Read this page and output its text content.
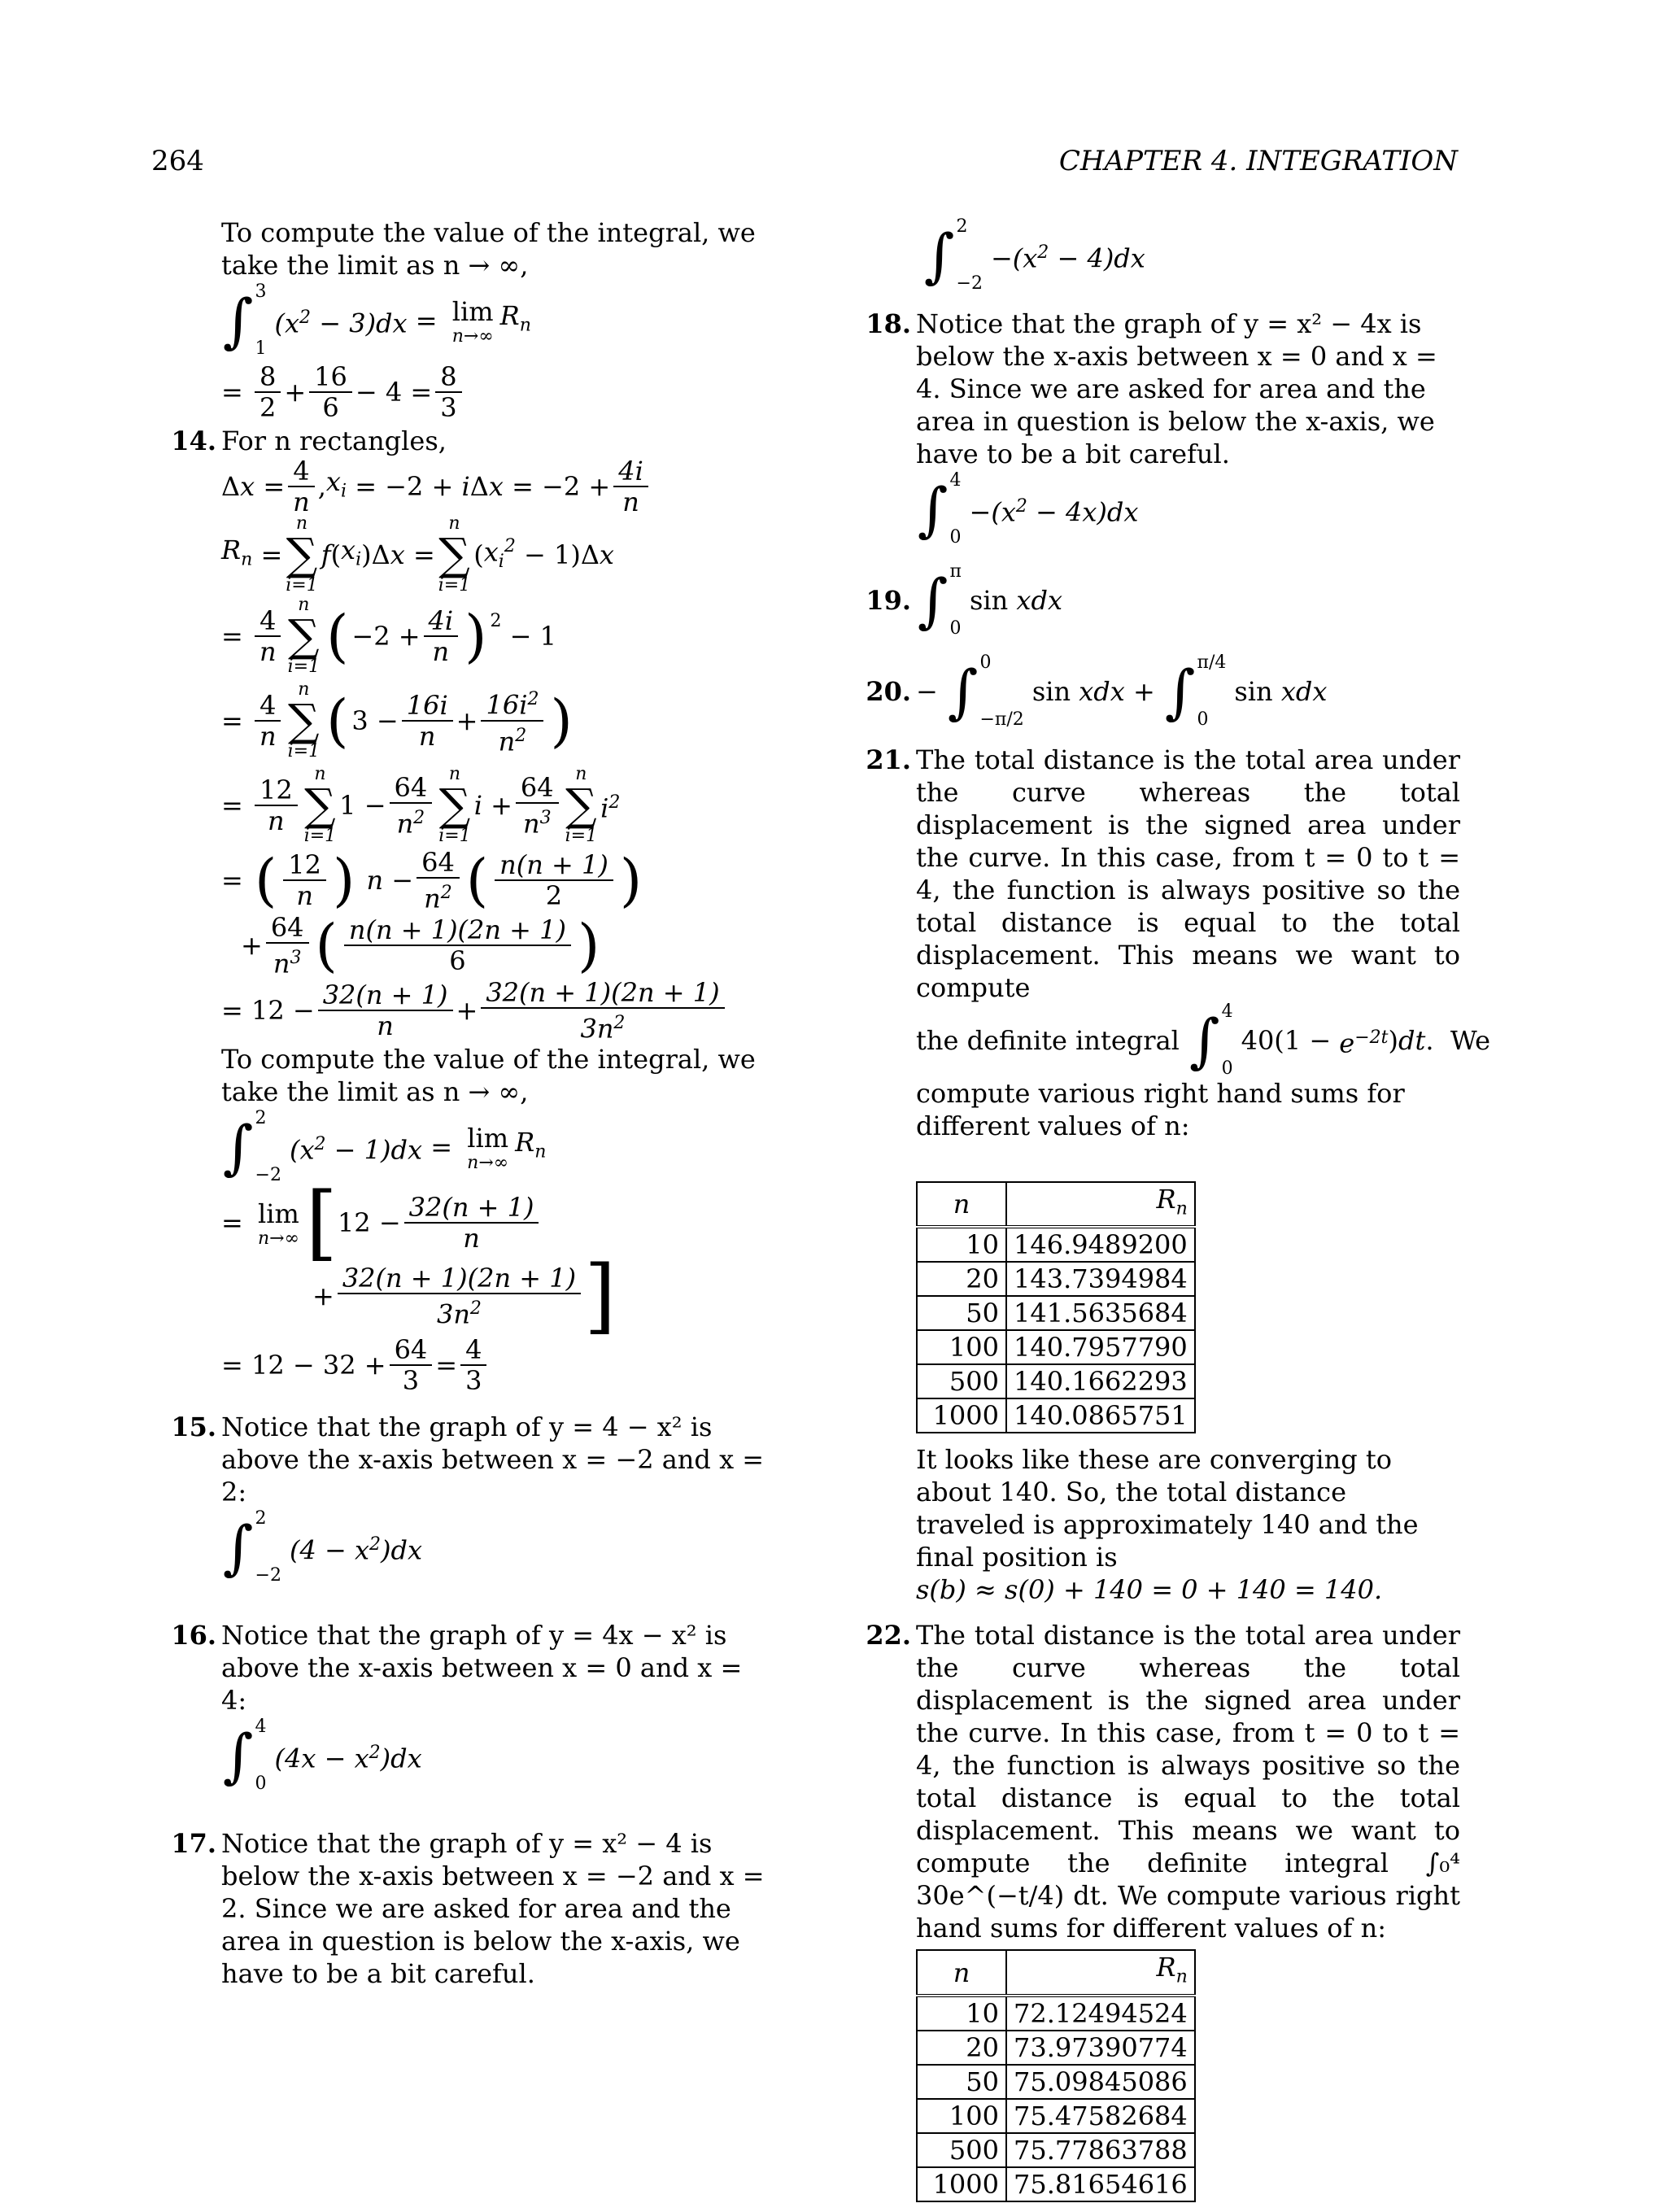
264	CHAPTER 4. INTEGRATION

To compute the value of the integral, we take the limit as n → ∞,

∫ 3
1
$(x^2 - 3)dx = \lim$
n→∞
$R_n$
= $\frac{8}{2} + \frac{16}{6} - 4 = \frac{8}{3}$
14. For n rectangles,

Δ $x = \frac{4}{n}$ , $x_i = -2 + i$ Δ $x = -2 + \frac{4i}{n}$
$R_n$ =
n
∑
i=1
f ( $x_i$ )Δ x =
n
∑
i=1
( $x_i^2 - 1)\Delta$ x
= $\frac{4}{n}$
n
∑
i=1 ( $-2 + \frac{4i}{n} )^2 - 1$
= $\frac{4}{n}$
n
∑
i=1 ( $3 - \frac{16i}{n} + \frac{16i^2}{n^2}$ )
= $\frac{12}{n}$
n
∑
i=1
$1 - \frac{64}{n^2}$ n
∑
i=1
$i + \frac{64}{n^3}$ n
∑
i=1
$i^2$
= ( $\frac{12}{n}$ )
$n - \frac{64}{n^2}$ ( $\frac{n(n + 1)}{2}$ )
+ $\frac{64}{n^3}$ ( $\frac{n(n + 1)(2n + 1)}{6}$ )
= $12 - \frac{32(n + 1)}{n} + \frac{32(n + 1)(2n + 1)}{3n^2}$

To compute the value of the integral, we take the limit as n → ∞,

∫ 2
−2
$(x^2 - 1)dx = \lim$
n→∞
$R_n$
= lim
n→∞ [ $12 - \frac{32(n + 1)}{n}$
+ $\frac{32(n + 1)(2n + 1)}{3n^2}$ ]
= $12 - 32 + \frac{64}{3} = \frac{4}{3}$
15. Notice that the graph of y = 4 − x² is above the x-axis between x = −2 and x = 2:

∫ 2
−2
$(4 - x^2)dx$
16. Notice that the graph of y = 4x − x² is above the x-axis between x = 0 and x = 4:

∫ 4
0
$(4x - x^2)dx$
17. Notice that the graph of y = x² − 4 is below the x-axis between x = −2 and x = 2. Since we are asked for area and the area in question is below the x-axis, we have to be a bit careful.

∫ 2
−2
$-(x^2 - 4)dx$
18. Notice that the graph of y = x² − 4x is below the x-axis between x = 0 and x = 4. Since we are asked for area and the area in question is below the x-axis, we have to be a bit careful.

∫ 4
0
$-(x^2 - 4x)dx$
19. ∫ π
0
sin xdx
20. − ∫ 0
−π/2
sin xdx + ∫ π/4
0
sin xdx
21. The total distance is the total area under the curve whereas the total displacement is the signed area under the curve. In this case, from t = 0 to t = 4, the function is always positive so the total distance is equal to the total displacement. This means we want to compute

the definite integral
∫ 4
0
$40(1 - e^{-2t}$ ) dt . We

compute various right hand sums for different values of n:

n	$R_n$
10	146.9489200
20	143.7394984
50	141.5635684
100	140.7957790
500	140.1662293
1000	140.0865751

It looks like these are converging to about 140. So, the total distance traveled is approximately 140 and the final position is

s(b) ≈ s(0) + 140 = 0 + 140 = 140.

22. The total distance is the total area under the curve whereas the total displacement is the signed area under the curve. In this case, from t = 0 to t = 4, the function is always positive so the total distance is equal to the total displacement. This means we want to compute the definite integral ∫₀⁴ 30e^(−t/4) dt. We compute various right hand sums for different values of n:

n	$R_n$
10	72.12494524
20	73.97390774
50	75.09845086
100	75.47582684
500	75.77863788
1000	75.81654616
